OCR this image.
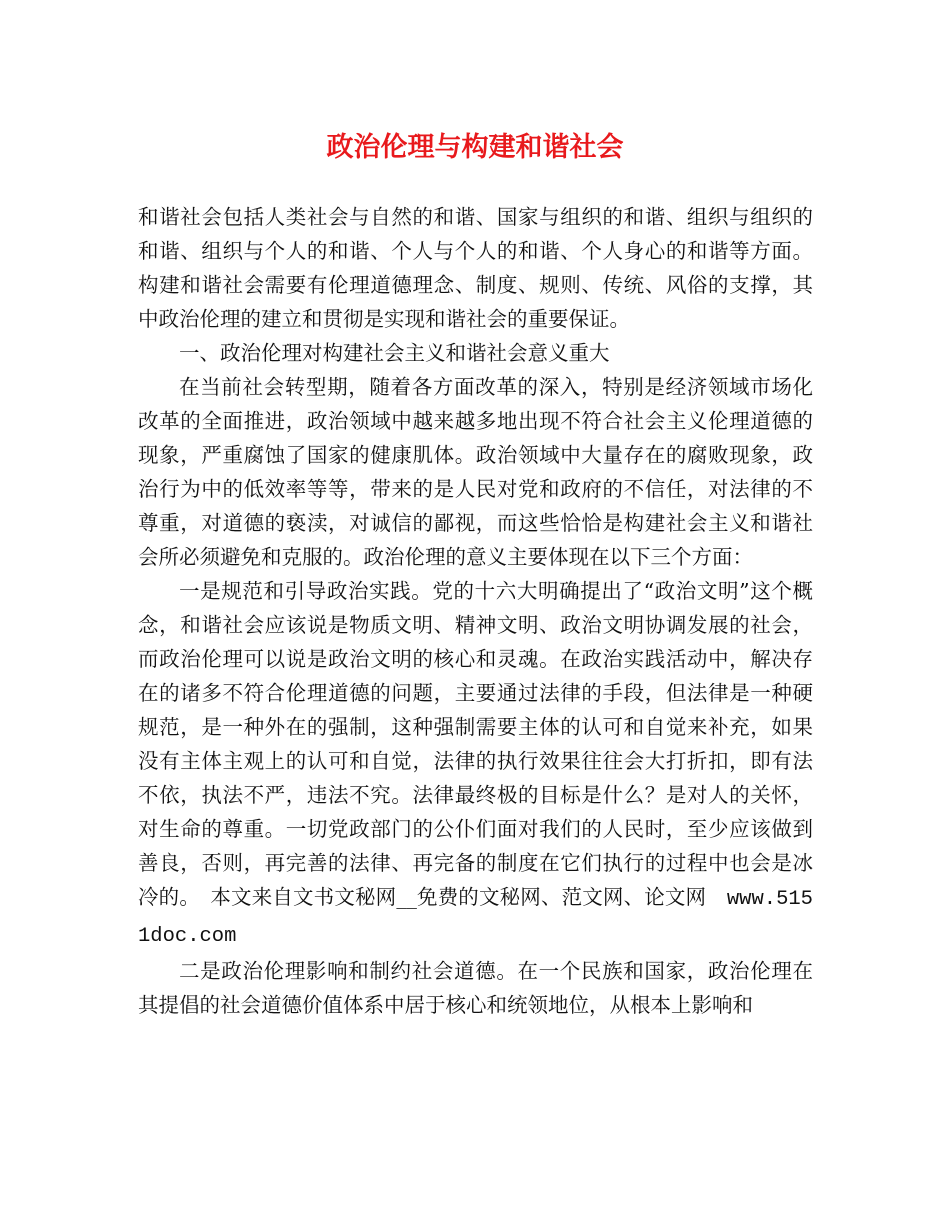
政治伦理与构建和谐社会

和谐社会包括人类社会与自然的和谐、国家与组织的和谐、组织与组织的和谐、组织与个人的和谐、个人与个人的和谐、个人身心的和谐等方面。构建和谐社会需要有伦理道德理念、制度、规则、传统、风俗的支撑，其中政治伦理的建立和贯彻是实现和谐社会的重要保证。

一、政治伦理对构建社会主义和谐社会意义重大

在当前社会转型期，随着各方面改革的深入，特别是经济领域市场化改革的全面推进，政治领域中越来越多地出现不符合社会主义伦理道德的现象，严重腐蚀了国家的健康肌体。政治领域中大量存在的腐败现象，政治行为中的低效率等等，带来的是人民对党和政府的不信任，对法律的不尊重，对道德的亵渎，对诚信的鄙视，而这些恰恰是构建社会主义和谐社会所必须避免和克服的。政治伦理的意义主要体现在以下三个方面：

一是规范和引导政治实践。党的十六大明确提出了“政治文明”这个概念，和谐社会应该说是物质文明、精神文明、政治文明协调发展的社会，而政治伦理可以说是政治文明的核心和灵魂。在政治实践活动中，解决存在的诸多不符合伦理道德的问题，主要通过法律的手段，但法律是一种硬规范，是一种外在的强制，这种强制需要主体的认可和自觉来补充，如果没有主体主观上的认可和自觉，法律的执行效果往往会大打折扣，即有法不依，执法不严，违法不究。法律最终极的目标是什么？是对人的关怀，对生命的尊重。一切党政部门的公仆们面对我们的人民时，至少应该做到善良，否则，再完善的法律、再完备的制度在它们执行的过程中也会是冰冷的。　本文来自文书文秘网__免费的文秘网、范文网、论文网　www.5151doc.com

二是政治伦理影响和制约社会道德。在一个民族和国家，政治伦理在其提倡的社会道德价值体系中居于核心和统领地位，从根本上影响和
